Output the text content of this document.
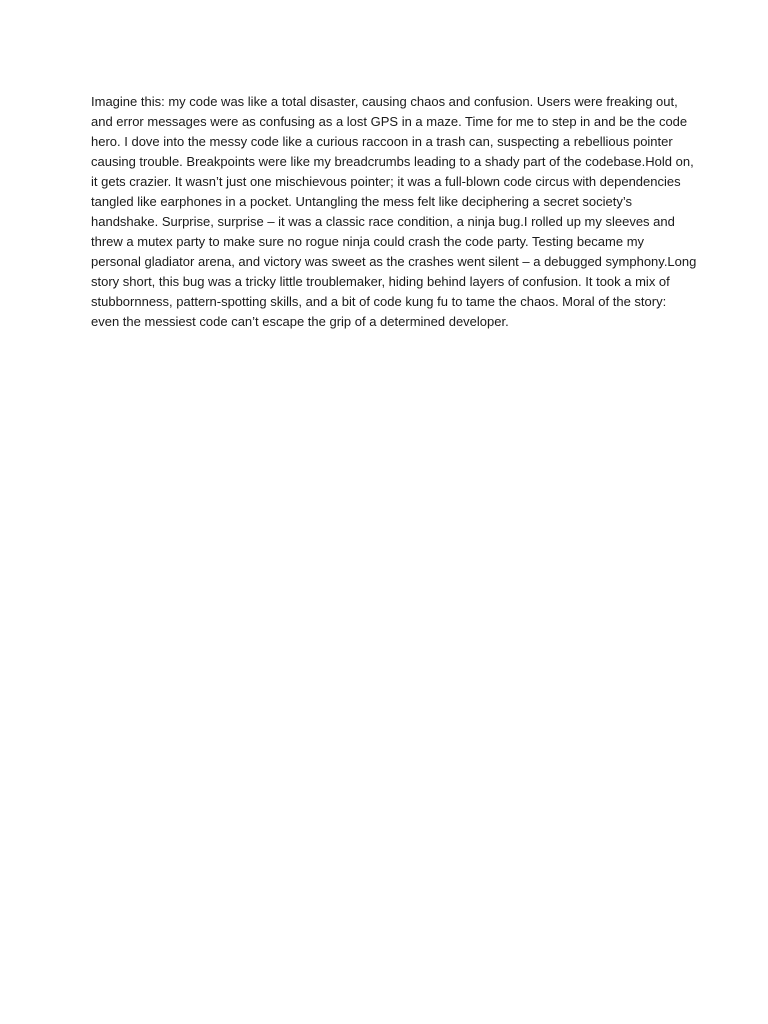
Imagine this: my code was like a total disaster, causing chaos and confusion. Users were freaking out,
and error messages were as confusing as a lost GPS in a maze. Time for me to step in and be the code
hero. I dove into the messy code like a curious raccoon in a trash can, suspecting a rebellious pointer
causing trouble. Breakpoints were like my breadcrumbs leading to a shady part of the codebase.Hold on,
it gets crazier. It wasn’t just one mischievous pointer; it was a full-blown code circus with dependencies
tangled like earphones in a pocket. Untangling the mess felt like deciphering a secret society’s
handshake. Surprise, surprise – it was a classic race condition, a ninja bug.I rolled up my sleeves and
threw a mutex party to make sure no rogue ninja could crash the code party. Testing became my
personal gladiator arena, and victory was sweet as the crashes went silent – a debugged symphony.Long
story short, this bug was a tricky little troublemaker, hiding behind layers of confusion. It took a mix of
stubbornness, pattern-spotting skills, and a bit of code kung fu to tame the chaos. Moral of the story:
even the messiest code can’t escape the grip of a determined developer.
